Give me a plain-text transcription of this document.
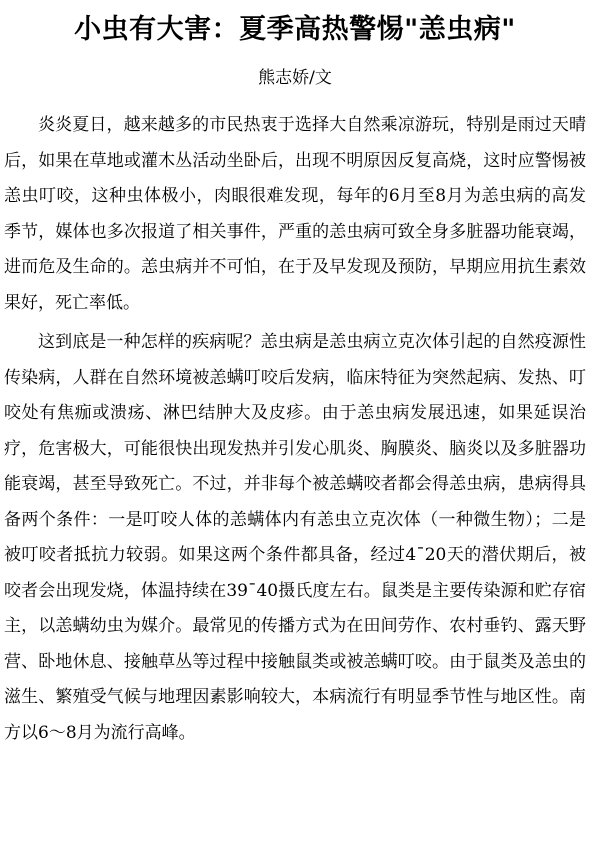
小虫有大害：夏季高热警惕"恙虫病"
熊志娇/文

炎炎夏日，越来越多的市民热衷于选择大自然乘凉游玩，特别是雨过天晴后，如果在草地或灌木丛活动坐卧后，出现不明原因反复高烧，这时应警惕被恙虫叮咬，这种虫体极小，肉眼很难发现，每年的6月至8月为恙虫病的高发季节，媒体也多次报道了相关事件，严重的恙虫病可致全身多脏器功能衰竭，进而危及生命的。恙虫病并不可怕，在于及早发现及预防，早期应用抗生素效果好，死亡率低。

这到底是一种怎样的疾病呢？恙虫病是恙虫病立克次体引起的自然疫源性传染病，人群在自然环境被恙螨叮咬后发病，临床特征为突然起病、发热、叮咬处有焦痂或溃疡、淋巴结肿大及皮疹。由于恙虫病发展迅速，如果延误治疗，危害极大，可能很快出现发热并引发心肌炎、胸膜炎、脑炎以及多脏器功能衰竭，甚至导致死亡。不过，并非每个被恙螨咬者都会得恙虫病，患病得具备两个条件：一是叮咬人体的恙螨体内有恙虫立克次体（一种微生物）；二是被叮咬者抵抗力较弱。如果这两个条件都具备，经过4¯20天的潜伏期后，被咬者会出现发烧，体温持续在39¯40摄氏度左右。鼠类是主要传染源和贮存宿主，以恙螨幼虫为媒介。最常见的传播方式为在田间劳作、农村垂钓、露天野营、卧地休息、接触草丛等过程中接触鼠类或被恙螨叮咬。由于鼠类及恙虫的滋生、繁殖受气候与地理因素影响较大，本病流行有明显季节性与地区性。南方以6～8月为流行高峰。
